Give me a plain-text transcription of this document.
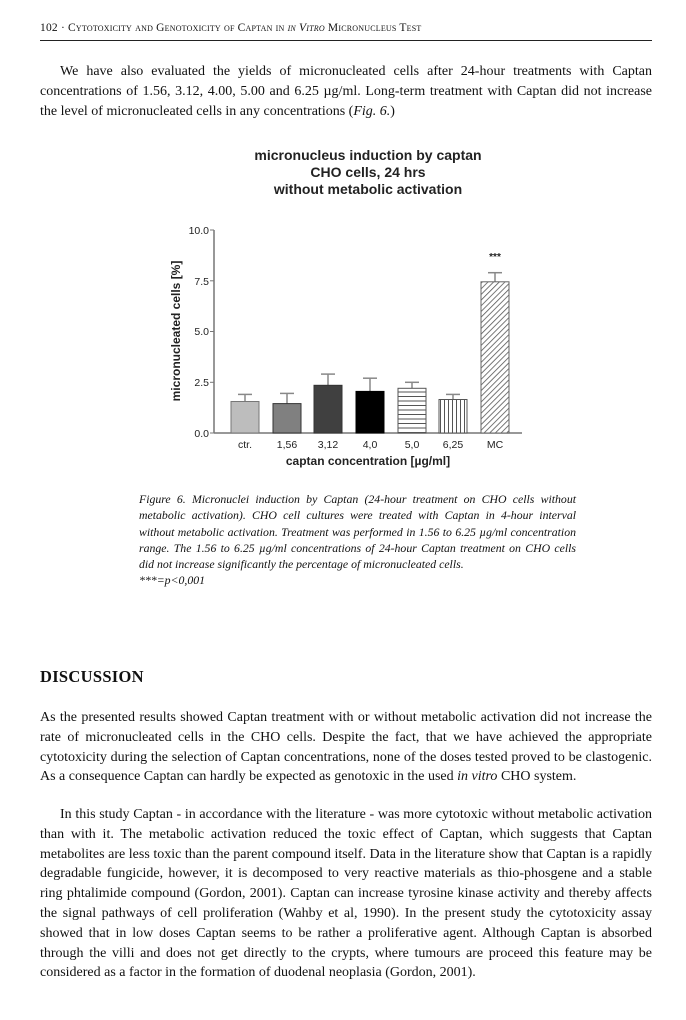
102 · Cytotoxicity and Genotoxicity of Captan in in Vitro Micronucleus Test
We have also evaluated the yields of micronucleated cells after 24-hour treatments with Captan concentrations of 1.56, 3.12, 4.00, 5.00 and 6.25 µg/ml. Long-term treatment with Captan did not increase the level of micronucleated cells in any concentrations (Fig. 6.)
micronucleus induction by captan
CHO cells, 24 hrs
without metabolic activation
0.0
2.5
5.0
7.5
10.0
micronucleated cells [%]
***
ctr. 1,56 3,12 4,0	5,0 6,25 MC
captan concentration [µg/ml]
Figure 6. Micronuclei induction by Captan (24-hour treatment on CHO cells without metabolic activation). CHO cell cultures were treated with Captan in 4-hour interval without metabolic activation. Treatment was performed in 1.56 to 6.25 µg/ml concentration range. The 1.56 to 6.25 µg/ml concentrations of 24-hour Captan treatment on CHO cells did not increase significantly the percentage of micronucleated cells.
***=p<0,001
DISCUSSION
As the presented results showed Captan treatment with or without metabolic activation did not increase the rate of micronucleated cells in the CHO cells. Despite the fact, that we have achieved the appropriate cytotoxicity during the selection of Captan concentrations, none of the doses tested proved to be clastogenic. As a consequence Captan can hardly be expected as genotoxic in the used in vitro CHO system.
In this study Captan - in accordance with the literature - was more cytotoxic without metabolic activation than with it. The metabolic activation reduced the toxic effect of Captan, which suggests that Captan metabolites are less toxic than the parent compound itself. Data in the literature show that Captan is a rapidly degradable fungicide, however, it is decomposed to very reactive materials as thio-phosgene and a stable ring phtalimide compound (Gordon, 2001). Captan can increase tyrosine kinase activity and thereby affects the signal pathways of cell proliferation (Wahby et al, 1990). In the present study the cytotoxicity assay showed that in low doses Captan seems to be rather a proliferative agent. Although Captan is absorbed through the villi and does not get directly to the crypts, where tumours are proceed this feature may be considered as a factor in the formation of duodenal neoplasia (Gordon, 2001).
